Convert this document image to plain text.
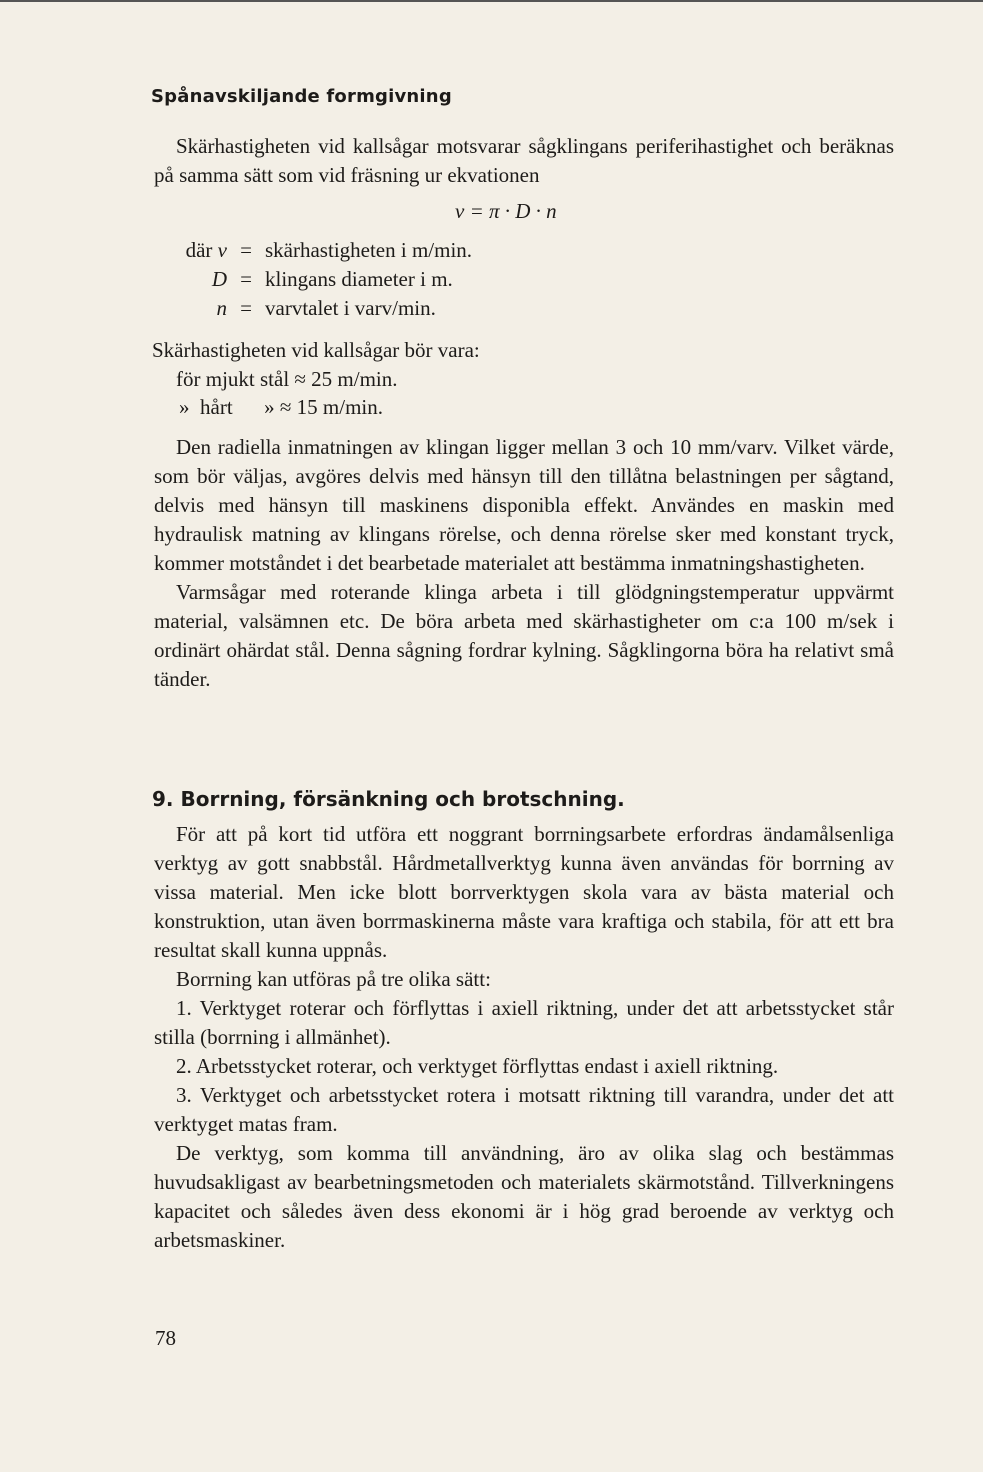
Spånavskiljande formgivning

Skärhastigheten vid kallsågar motsvarar sågklingans periferihastighet och beräknas på samma sätt som vid fräsning ur ekvationen

v = π · D · n
där v = skärhastigheten i m/min.
D = klingans diameter i m.
n = varvtalet i varv/min.
Skärhastigheten vid kallsågar bör vara:
för mjukt stål ≈ 25 m/min.
» hårt » ≈ 15 m/min.

Den radiella inmatningen av klingan ligger mellan 3 och 10 mm/varv. Vilket värde, som bör väljas, avgöres delvis med hänsyn till den tillåtna belastningen per sågtand, delvis med hänsyn till maskinens disponibla effekt. Användes en maskin med hydraulisk matning av klingans rörelse, och denna rörelse sker med konstant tryck, kommer motståndet i det bearbetade materialet att bestämma inmatningshastigheten.

Varmsågar med roterande klinga arbeta i till glödgningstemperatur uppvärmt material, valsämnen etc. De böra arbeta med skärhastigheter om c:a 100 m/sek i ordinärt ohärdat stål. Denna sågning fordrar kylning. Sågklingorna böra ha relativt små tänder.

9. Borrning, försänkning och brotschning.

För att på kort tid utföra ett noggrant borrningsarbete erfordras ändamålsenliga verktyg av gott snabbstål. Hårdmetallverktyg kunna även användas för borrning av vissa material. Men icke blott borrverktygen skola vara av bästa material och konstruktion, utan även borrmaskinerna måste vara kraftiga och stabila, för att ett bra resultat skall kunna uppnås.

Borrning kan utföras på tre olika sätt:

1. Verktyget roterar och förflyttas i axiell riktning, under det att arbetsstycket står stilla (borrning i allmänhet).

2. Arbetsstycket roterar, och verktyget förflyttas endast i axiell riktning.

3. Verktyget och arbetsstycket rotera i motsatt riktning till varandra, under det att verktyget matas fram.

De verktyg, som komma till användning, äro av olika slag och bestämmas huvudsakligast av bearbetningsmetoden och materialets skärmotstånd. Tillverkningens kapacitet och således även dess ekonomi är i hög grad beroende av verktyg och arbetsmaskiner.

78
